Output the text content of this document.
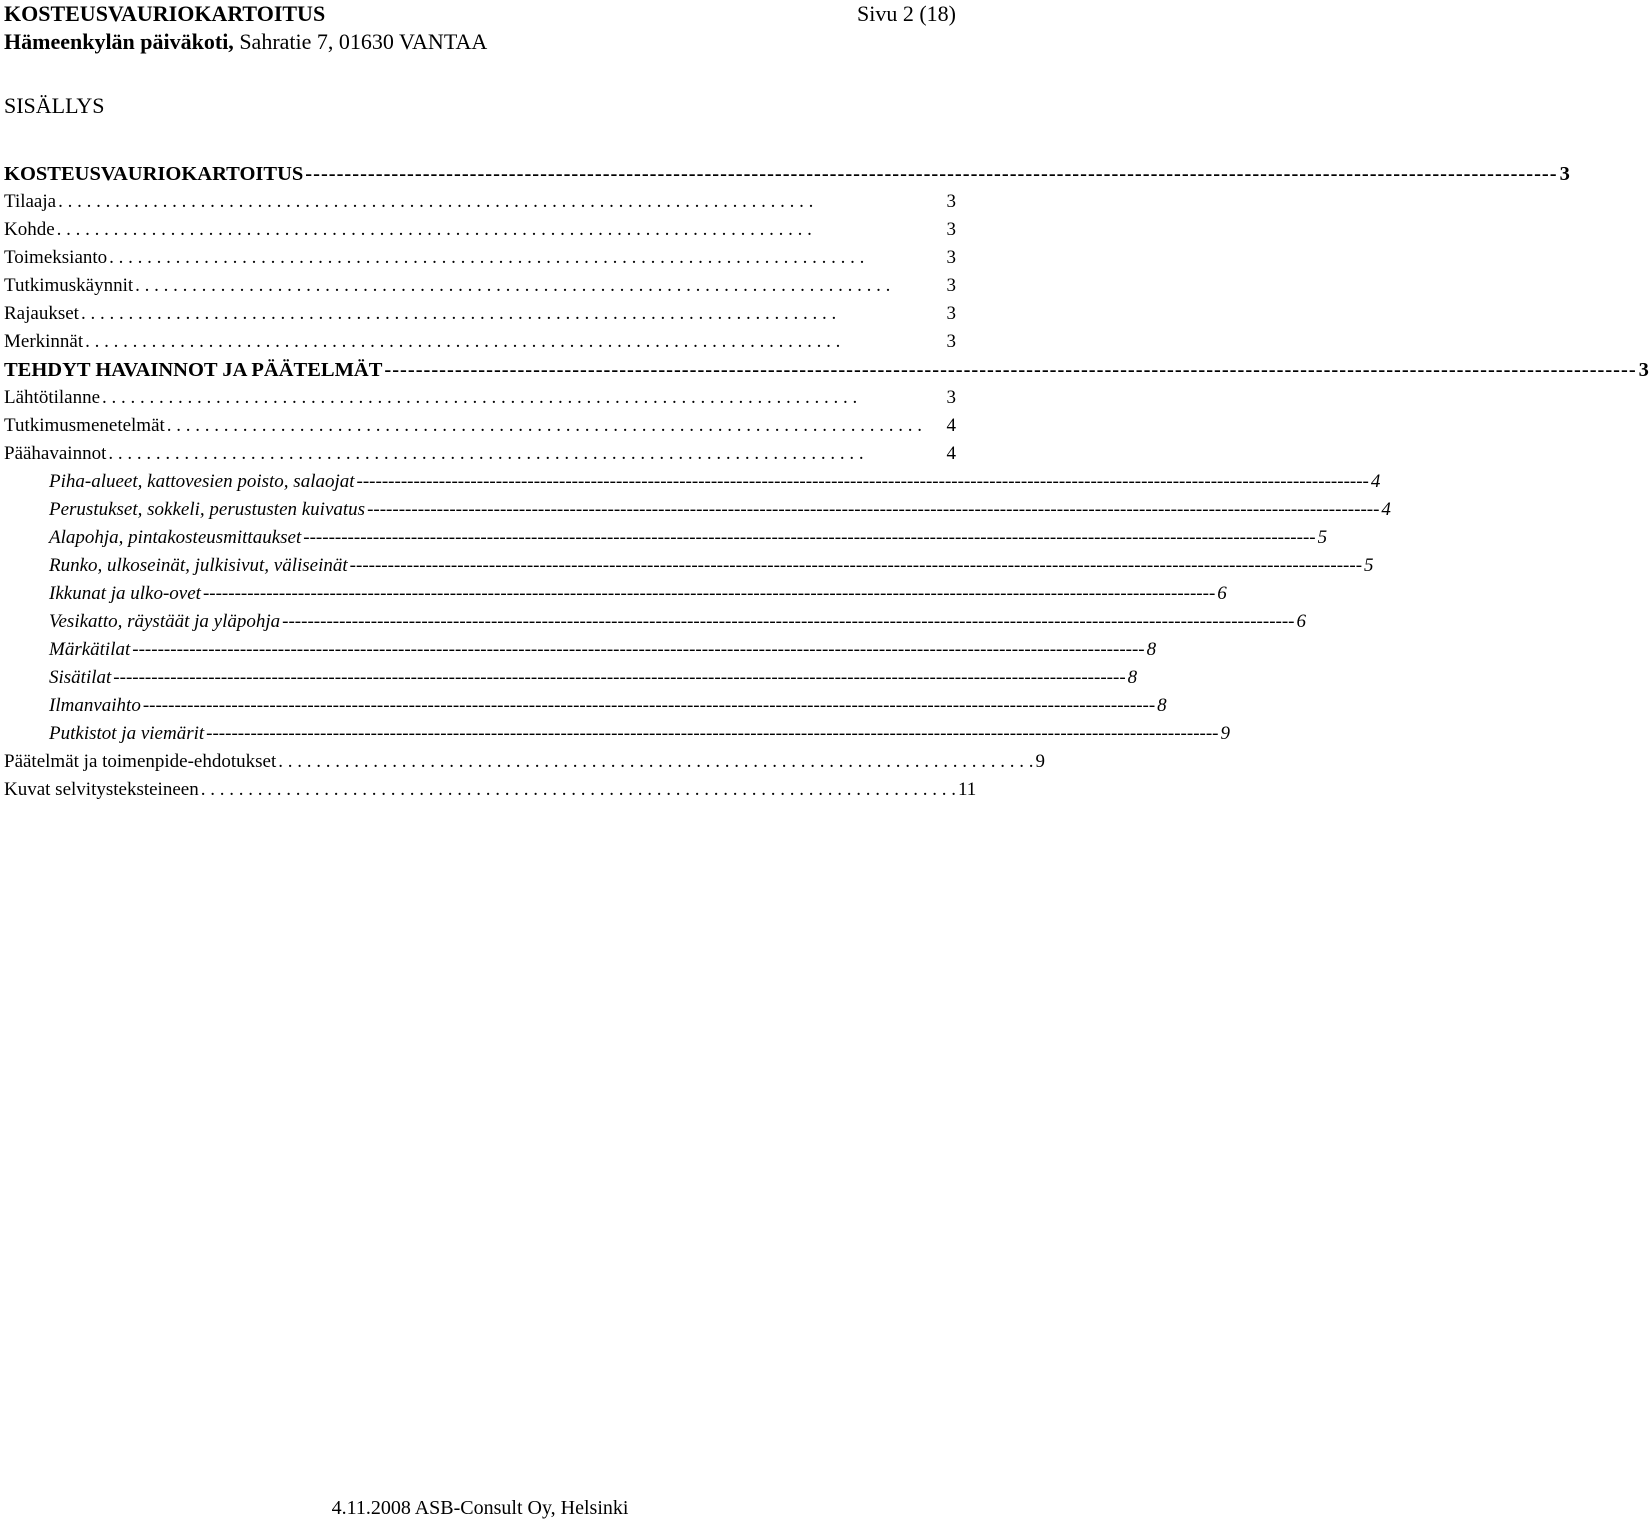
KOSTEUSVAURIOKARTOITUS	Sivu 2 (18)
Hämeenkylän päiväkoti, Sahratie 7, 01630 VANTAA
SISÄLLYS
KOSTEUSVAURIOKARTOITUS ---------------------------------------------------------------------------------------------------------------------------------------------------------------- 3
Tilaaja . . . . . . . . . . . . . . . . . . . . . . . . . . . . . . . . . . . . . . . . . . . . . . . . . . . . . . . . . . . . . . . . . . . . . . . . . . . . . . . .	3
Kohde . . . . . . . . . . . . . . . . . . . . . . . . . . . . . . . . . . . . . . . . . . . . . . . . . . . . . . . . . . . . . . . . . . . . . . . . . . . . . . . .	3
Toimeksianto . . . . . . . . . . . . . . . . . . . . . . . . . . . . . . . . . . . . . . . . . . . . . . . . . . . . . . . . . . . . . . . . . . . . . . . . . . . . . . . .	3
Tutkimuskäynnit . . . . . . . . . . . . . . . . . . . . . . . . . . . . . . . . . . . . . . . . . . . . . . . . . . . . . . . . . . . . . . . . . . . . . . . . . . . . . . . .	3
Rajaukset . . . . . . . . . . . . . . . . . . . . . . . . . . . . . . . . . . . . . . . . . . . . . . . . . . . . . . . . . . . . . . . . . . . . . . . . . . . . . . . .	3
Merkinnät . . . . . . . . . . . . . . . . . . . . . . . . . . . . . . . . . . . . . . . . . . . . . . . . . . . . . . . . . . . . . . . . . . . . . . . . . . . . . . . .	3
TEHDYT HAVAINNOT JA PÄÄTELMÄT ---------------------------------------------------------------------------------------------------------------------------------------------------------------- 3
Lähtötilanne . . . . . . . . . . . . . . . . . . . . . . . . . . . . . . . . . . . . . . . . . . . . . . . . . . . . . . . . . . . . . . . . . . . . . . . . . . . . . . . .	3
Tutkimusmenetelmät . . . . . . . . . . . . . . . . . . . . . . . . . . . . . . . . . . . . . . . . . . . . . . . . . . . . . . . . . . . . . . . . . . . . . . . . . . . . . . . .	4
Päähavainnot . . . . . . . . . . . . . . . . . . . . . . . . . . . . . . . . . . . . . . . . . . . . . . . . . . . . . . . . . . . . . . . . . . . . . . . . . . . . . . . .	4
Piha-alueet, kattovesien poisto, salaojat ---------------------------------------------------------------------------------------------------------------------------------------------------------------- 4
Perustukset, sokkeli, perustusten kuivatus ---------------------------------------------------------------------------------------------------------------------------------------------------------------- 4
Alapohja, pintakosteusmittaukset ---------------------------------------------------------------------------------------------------------------------------------------------------------------- 5
Runko, ulkoseinät, julkisivut, väliseinät ---------------------------------------------------------------------------------------------------------------------------------------------------------------- 5
Ikkunat ja ulko-ovet ---------------------------------------------------------------------------------------------------------------------------------------------------------------- 6
Vesikatto, räystäät ja yläpohja ---------------------------------------------------------------------------------------------------------------------------------------------------------------- 6
Märkätilat ---------------------------------------------------------------------------------------------------------------------------------------------------------------- 8
Sisätilat ---------------------------------------------------------------------------------------------------------------------------------------------------------------- 8
Ilmanvaihto ---------------------------------------------------------------------------------------------------------------------------------------------------------------- 8
Putkistot ja viemärit ---------------------------------------------------------------------------------------------------------------------------------------------------------------- 9
Päätelmät ja toimenpide-ehdotukset . . . . . . . . . . . . . . . . . . . . . . . . . . . . . . . . . . . . . . . . . . . . . . . . . . . . . . . . . . . . . . . . . . . . . . . . . . . . . . . . 9
Kuvat selvitysteksteineen . . . . . . . . . . . . . . . . . . . . . . . . . . . . . . . . . . . . . . . . . . . . . . . . . . . . . . . . . . . . . . . . . . . . . . . . . . . . . . . . 11
4.11.2008 ASB-Consult Oy, Helsinki
